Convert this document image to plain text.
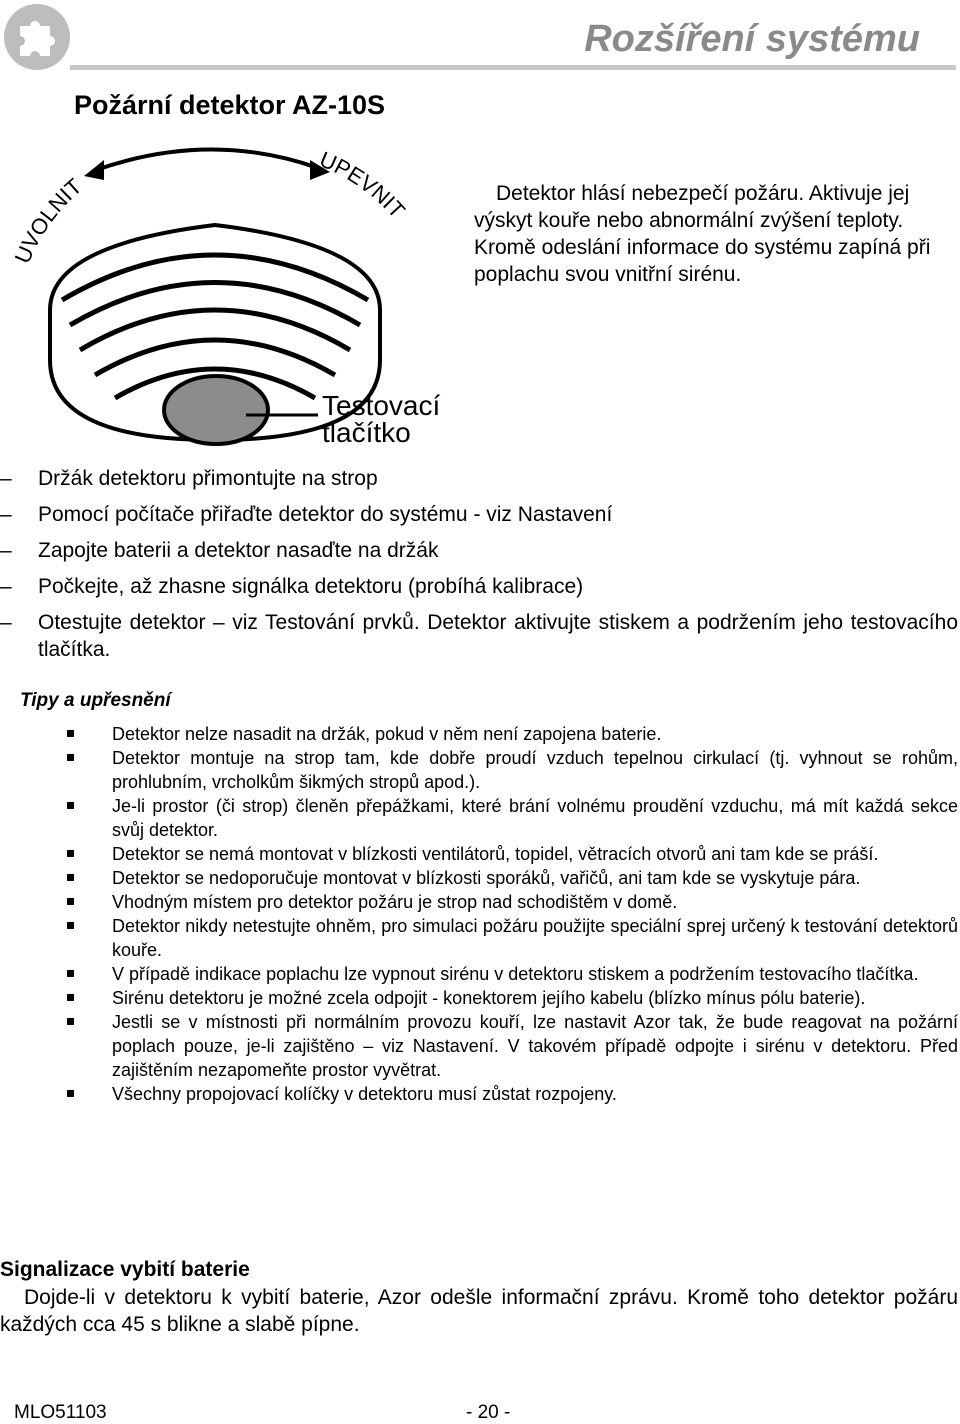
Rozšíření systému
Požární detektor AZ-10S
UVOLNIT
UPEVNIT
Testovací
tlačítko
Detektor hlásí nebezpečí požáru. Aktivuje jej výskyt kouře nebo abnormální zvýšení teploty. Kromě odeslání informace do systému zapíná při poplachu svou vnitřní sirénu.
–	Držák detektoru přimontujte na strop
–	Pomocí počítače přiřaďte detektor do systému - viz Nastavení
–	Zapojte baterii a detektor nasaďte na držák
–	Počkejte, až zhasne signálka detektoru (probíhá kalibrace)
–	Otestujte detektor – viz Testování prvků. Detektor aktivujte stiskem a podržením jeho testovacího tlačítka.
Tipy a upřesnění
Detektor nelze nasadit na držák, pokud v něm není zapojena baterie.
Detektor montuje na strop tam, kde dobře proudí vzduch tepelnou cirkulací (tj. vyhnout se rohům, prohlubním, vrcholkům šikmých stropů apod.).
Je-li prostor (či strop) členěn přepážkami, které brání volnému proudění vzduchu, má mít každá sekce svůj detektor.
Detektor se nemá montovat v blízkosti ventilátorů, topidel, větracích otvorů ani tam kde se práší.
Detektor se nedoporučuje montovat v blízkosti sporáků, vařičů, ani tam kde se vyskytuje pára.
Vhodným místem pro detektor požáru je strop nad schodištěm v domě.
Detektor nikdy netestujte ohněm, pro simulaci požáru použijte speciální sprej určený k testování detektorů kouře.
V případě indikace poplachu lze vypnout sirénu v detektoru stiskem a podržením testovacího tlačítka.
Sirénu detektoru je možné zcela odpojit - konektorem jejího kabelu (blízko mínus pólu baterie).
Jestli se v místnosti při normálním provozu kouří, lze nastavit Azor tak, že bude reagovat na požární poplach pouze, je-li zajištěno – viz Nastavení. V takovém případě odpojte i sirénu v detektoru. Před zajištěním nezapomeňte prostor vyvětrat.
Všechny propojovací kolíčky v detektoru musí zůstat rozpojeny.
Signalizace vybití baterie
Dojde-li v detektoru k vybití baterie, Azor odešle informační zprávu. Kromě toho detektor požáru každých cca 45 s blikne a slabě pípne.
MLO51103	- 20 -
